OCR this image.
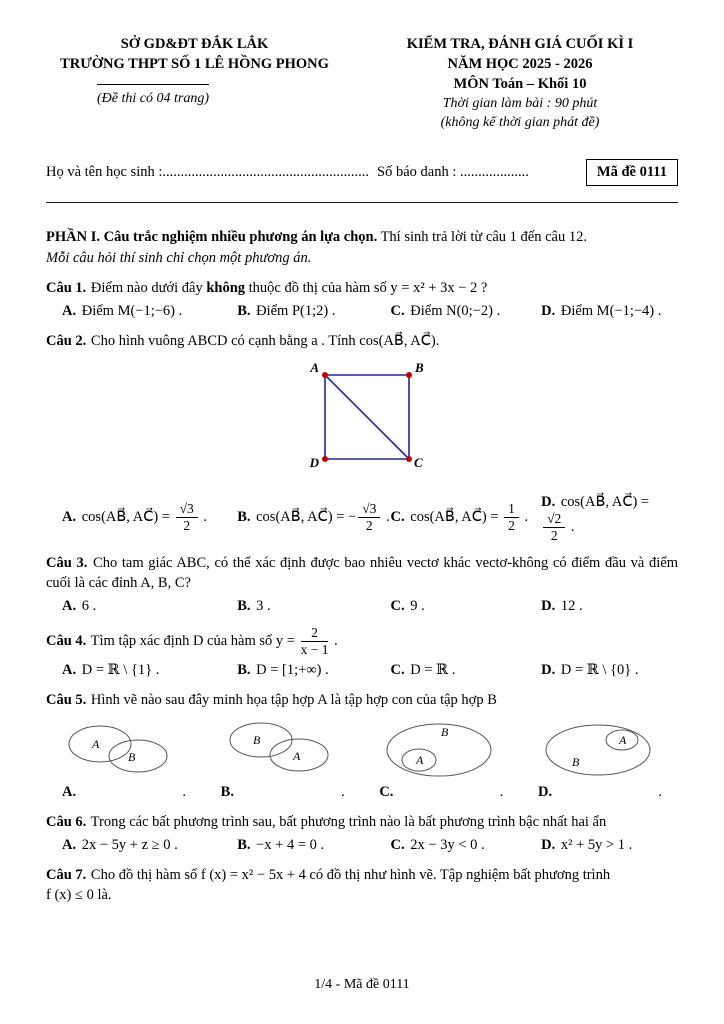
SỞ GD&ĐT ĐẮK LẮK
TRƯỜNG THPT SỐ 1 LÊ HỒNG PHONG
(Đề thi có 04 trang)
KIỂM TRA, ĐÁNH GIÁ CUỐI KÌ I
NĂM HỌC 2025 - 2026
MÔN Toán – Khối 10
Thời gian làm bài : 90 phút
(không kể thời gian phát đề)
Họ và tên học sinh :......................................................... Số báo danh : ...................	Mã đề 0111
PHẦN I. Câu trắc nghiệm nhiều phương án lựa chọn. Thí sinh trả lời từ câu 1 đến câu 12.
Mỗi câu hỏi thí sinh chỉ chọn một phương án.

Câu 1. Điểm nào dưới đây không thuộc đồ thị của hàm số y = x² + 3x − 2 ?

A. Điểm M(−1;−6) .	B. Điểm P(1;2) .	C. Điểm N(0;−2) .	D. Điểm M(−1;−4) .

Câu 2. Cho hình vuông ABCD có cạnh bằng a . Tính cos(AB⃗, AC⃗).

A	B
C
D
A. cos(AB⃗, AC⃗) = $\frac{√3}{2}$ .	B. cos(AB⃗, AC⃗) = − $\frac{√3}{2}$ . C. cos(AB⃗, AC⃗) = $\frac{1}{2}$ .
D. cos(AB⃗, AC⃗) =
$\frac{√2}{2}$ .

Câu 3. Cho tam giác ABC, có thể xác định được bao nhiêu vectơ khác vectơ-không có điểm đầu và điểm cuối là các đỉnh A, B, C?

A. 6 .	B. 3 .	C. 9 .	D. 12 .

Câu 4. Tìm tập xác định D của hàm số $y = \frac{2}{x - 1}$ .

A. D = ℝ \ {1} .	B. D = [1;+∞) .	C. D = ℝ .	D. D = ℝ \ {0} .

Câu 5. Hình vẽ nào sau đây minh họa tập hợp A là tập hợp con của tập hợp B

A
B
A.	.
B
A
B.	.
B
A
C.	.
A
B
D.	.

Câu 6. Trong các bất phương trình sau, bất phương trình nào là bất phương trình bậc nhất hai ẩn

A. 2x − 5y + z ≥ 0 .	B. −x + 4 = 0 .	C. 2x − 3y < 0 .	D. x² + 5y > 1 .

Câu 7. Cho đồ thị hàm số f (x) = x² − 5x + 4 có đồ thị như hình vẽ. Tập nghiệm bất phương trình
f (x) ≤ 0 là.

1/4 - Mã đề 0111
